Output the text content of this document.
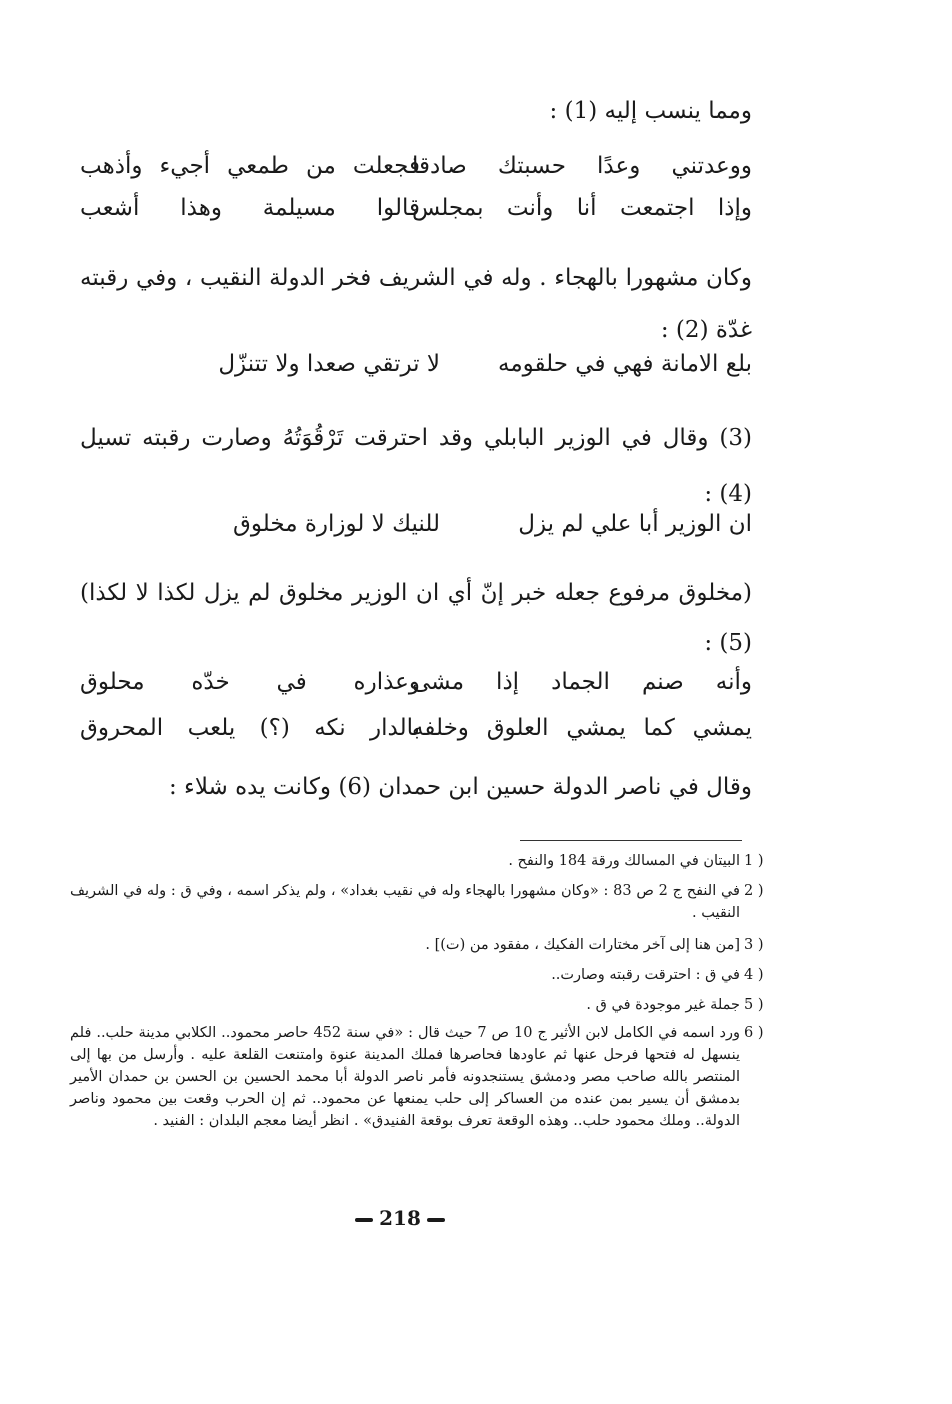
ومما ينسب إليه (1) :
ووعدتني وعدًا حسبتك صادقا
فجعلت من طمعي أجيء وأذهب
وإذا اجتمعت أنا وأنت بمجلس
قالوا مسيلمة وهذا أشعب
وكان مشهورا بالهجاء . وله في الشريف فخر الدولة النقيب ، وفي رقبته غدّة (2) :
بلع الامانة فهي في حلقومه
لا ترتقي صعدا ولا تتنزّل
(3) وقال في الوزير البابلي وقد احترقت تَرْقُوَتُهُ وصارت رقبته تسيل (4) :
ان الوزير أبا علي لم يزل
للنيك لا لوزارة مخلوق
(مخلوق مرفوع جعله خبر إنّ أي ان الوزير مخلوق لم يزل لكذا لا لكذا) (5) :
وأنه صنم الجماد إذا مشى
وعذاره في خدّه محلوق
يمشي كما يمشي العلوق وخلفه
بالدار نكه (؟) يلعب المحروق
وقال في ناصر الدولة حسين ابن حمدان (6) وكانت يده شلاء :
1 )
البيتان في المسالك ورقة 184 والنفح .
2 )
في النفح ج 2 ص 83 : «وكان مشهورا بالهجاء وله في نقيب بغداد» ، ولم يذكر اسمه ، وفي ق : وله في الشريف النقيب .
3 )
[من هنا إلى آخر مختارات الفكيك ، مفقود من (ت)] .
4 )
في ق : احترقت رقبته وصارت..
5 )
جملة غير موجودة في ق .
6 )
ورد اسمه في الكامل لابن الأثير ج 10 ص 7 حيث قال : «في سنة 452 حاصر محمود.. الكلابي مدينة حلب.. فلم ينسهل له فتحها فرحل عنها ثم عاودها فحاصرها فملك المدينة عنوة وامتنعت القلعة عليه . وأرسل من بها إلى المنتصر بالله صاحب مصر ودمشق يستنجدونه فأمر ناصر الدولة أبا محمد الحسين بن الحسن بن حمدان الأمير بدمشق أن يسير بمن عنده من العساكر إلى حلب يمنعها عن محمود.. ثم إن الحرب وقعت بين محمود وناصر الدولة.. وملك محمود حلب.. وهذه الوقعة تعرف بوقعة الفنيدق» . انظر أيضا معجم البلدان : الفنيد .
218
